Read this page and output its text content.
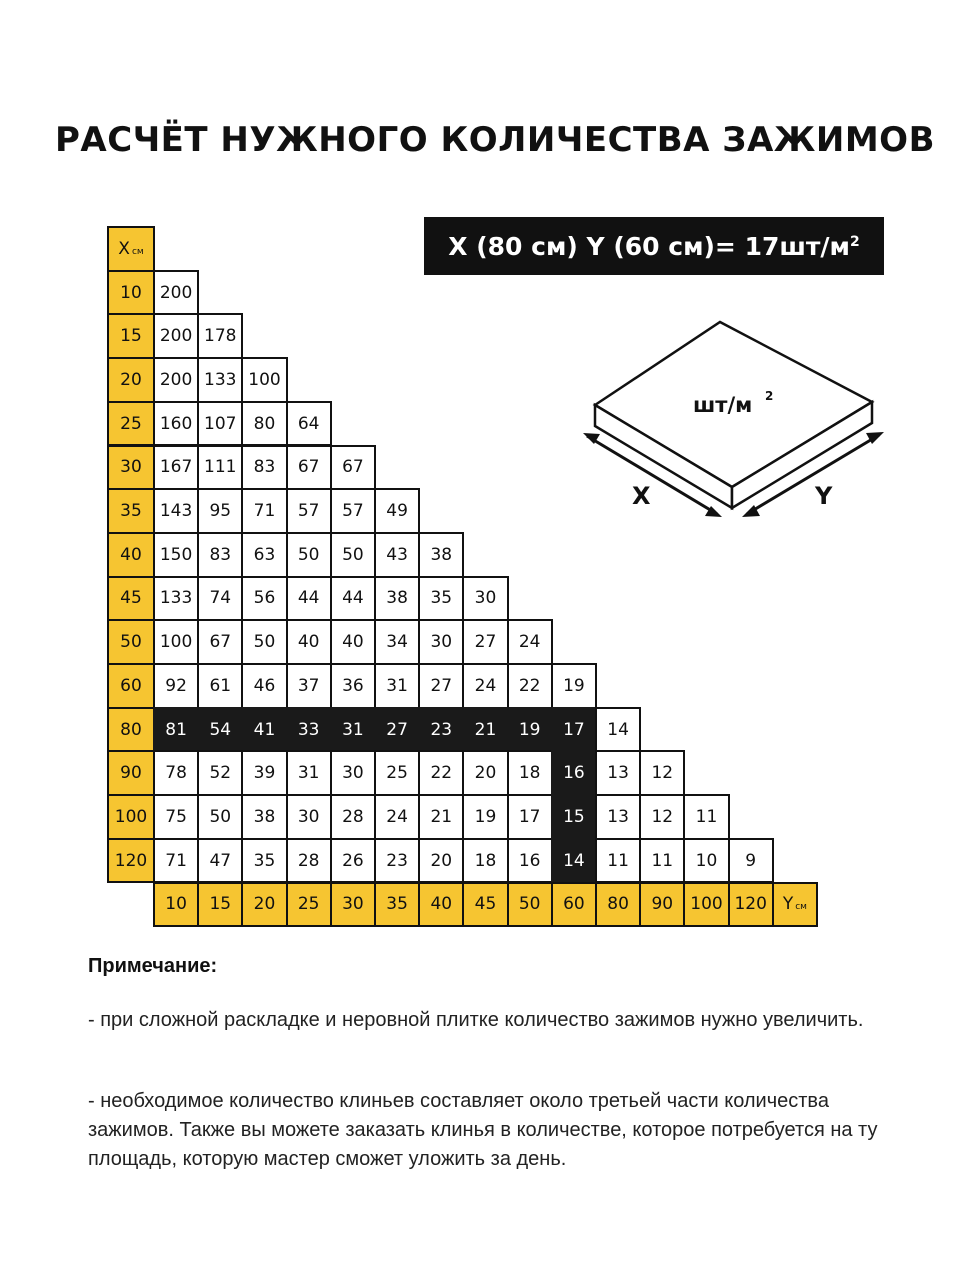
РАСЧЁТ НУЖНОГО КОЛИЧЕСТВА ЗАЖИМОВ
X (80 см) Y (60 $см)= 17шт/м^2$
X см
10	200
15	200 178
20	200 133 100
25	160 107	80	64
30	167 111	83	67	67
35	143	95	71	57	57	49
40	150	83	63	50	50	43	38
45	133	74	56	44	44	38	35	30
50	100	67	50	40	40	34	30	27	24
60	92	61	46	37	36	31	27	24	22	19
80	81	54	41	33	31	27	23	21	19	17	14
90	78	52	39	31	30	25	22	20	18	16	13	12
100	75	50	38	30	28	24	21	19	17	15	13	12	11
120	71	47	35	28	26	23	20	18	16	14	11	11	10	9
10	15	20	25	30	35	40	45	50	60	80	90	100 120 Y см
шт/м 2
X	Y
Примечание:
- при сложной раскладке и неровной плитке количество зажимов нужно увеличить.
- необходимое количество клиньев составляет около третьей части количества зажимов. Также вы можете заказать клинья в количестве, которое потребуется на ту площадь, которую мастер сможет уложить за день.
